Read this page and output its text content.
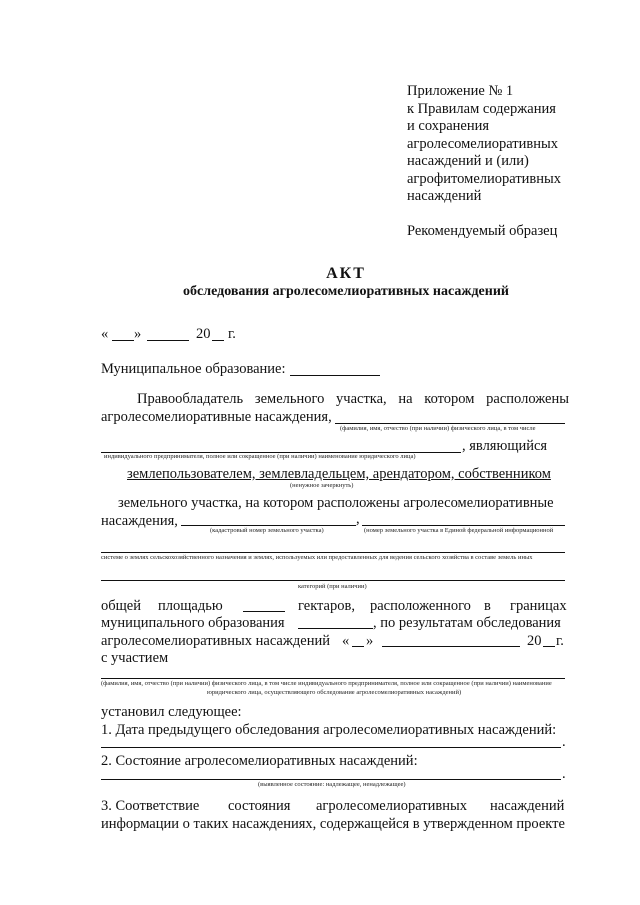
Приложение № 1
к Правилам содержания
и сохранения
агролесомелиоративных
насаждений и (или)
агрофитомелиоративных
насаждений
Рекомендуемый образец
АКТ
обследования агролесомелиоративных насаждений
« »	20 г.
Муниципальное образование:
Правообладатель земельного участка, на котором расположены
агролесомелиоративные насаждения,
(фамилия, имя, отчество (при наличии) физического лица, в том числе
, являющийся
индивидуального предпринимателя, полное или сокращенное (при наличии) наименование юридического лица)
землепользователем, землевладельцем, арендатором, собственником
(ненужное зачеркнуть)
земельного участка, на котором расположены агролесомелиоративные
насаждения,	,
(кадастровый номер земельного участка)	(номер земельного участка в Единой федеральной информационной
системе о землях сельскохозяйственного назначения и землях, используемых или предоставленных для ведения сельского хозяйства в составе земель иных
категорий (при наличии)
общей площадью	гектаров, расположенного в границах
муниципального образования	, по результатам обследования
агролесомелиоративных насаждений « »	20 г.
с участием
(фамилия, имя, отчество (при наличии) физического лица, в том числе индивидуального предпринимателя, полное или сокращенное (при наличии) наименование
юридического лица, осуществляющего обследование агролесомелиоративных насаждений)
установил следующее:
1. Дата предыдущего обследования агролесомелиоративных насаждений:
.
2. Состояние агролесомелиоративных насаждений:
.
(выявленное состояние: надлежащее, ненадлежащее)
3. Соответствие состояния агролесомелиоративных насаждений
информации о таких насаждениях, содержащейся в утвержденном проекте
